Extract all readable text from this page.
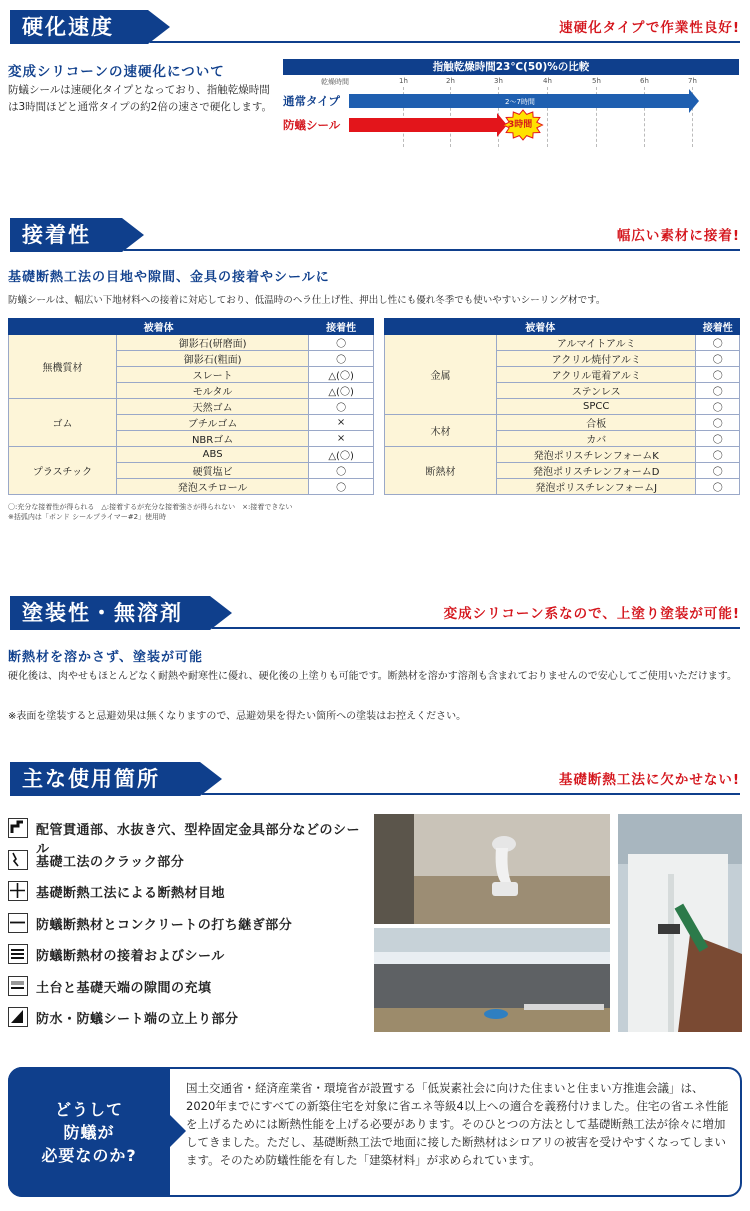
硬化速度	速硬化タイプで作業性良好!
変成シリコーンの速硬化について
防蟻シールは速硬化タイプとなっており、指触乾燥時間は3時間ほどと通常タイプの約2倍の速さで硬化します。
指触乾燥時間23℃(50)%の比較
乾燥時間	1h	2h	3h	4h	5h	6h	7h
通常タイプ
防蟻シール
2〜7時間
3時間
接着性	幅広い素材に接着!
基礎断熱工法の目地や隙間、金具の接着やシールに
防蟻シールは、幅広い下地材料への接着に対応しており、低温時のヘラ仕上げ性、押出し性にも優れ冬季でも使いやすいシーリング材です。
被着体		接着性
無機質材	御影石(研磨面)	〇
	御影石(粗面)	〇
	スレート	△(〇)
	モルタル	△(〇)
ゴム	天然ゴム	〇
	ブチルゴム	×
	NBRゴム	×
プラスチック	ABS	△(〇)
	硬質塩ビ	〇
	発泡スチロール	〇
被着体		接着性
金属	アルマイトアルミ	〇
	アクリル焼付アルミ	〇
	アクリル電着アルミ	〇
	ステンレス	〇
	SPCC	〇
木材	合板	〇
	カバ	〇
断熱材	発泡ポリスチレンフォームK	〇
	発泡ポリスチレンフォームD	〇
	発泡ポリスチレンフォームJ	〇
〇:充分な接着性が得られる　△:接着するが充分な接着強さが得られない　×:接着できない
※括弧内は「ボンド シールプライマー#2」使用時
塗装性・無溶剤	変成シリコーン系なので、上塗り塗装が可能!
断熱材を溶かさず、塗装が可能
硬化後は、肉やせもほとんどなく耐熱や耐寒性に優れ、硬化後の上塗りも可能です。断熱材を溶かす溶剤も含まれておりませんので安心してご使用いただけます。
※表面を塗装すると忌避効果は無くなりますので、忌避効果を得たい箇所への塗装はお控えください。
主な使用箇所	基礎断熱工法に欠かせない!
配管貫通部、水抜き穴、型枠固定金具部分などのシール
基礎工法のクラック部分
基礎断熱工法による断熱材目地
防蟻断熱材とコンクリートの打ち継ぎ部分
防蟻断熱材の接着およびシール
土台と基礎天端の隙間の充填
防水・防蟻シート端の立上り部分
どうして
防蟻が
必要なのか?
国土交通省・経済産業省・環境省が設置する「低炭素社会に向けた住まいと住まい方推進会議」は、2020年までにすべての新築住宅を対象に省エネ等級4以上への適合を義務付けました。住宅の省エネ性能を上げるためには断熱性能を上げる必要があります。そのひとつの方法として基礎断熱工法が徐々に増加してきました。ただし、基礎断熱工法で地面に接した断熱材はシロアリの被害を受けやすくなってしまいます。そのため防蟻性能を有した「建築材料」が求められています。
